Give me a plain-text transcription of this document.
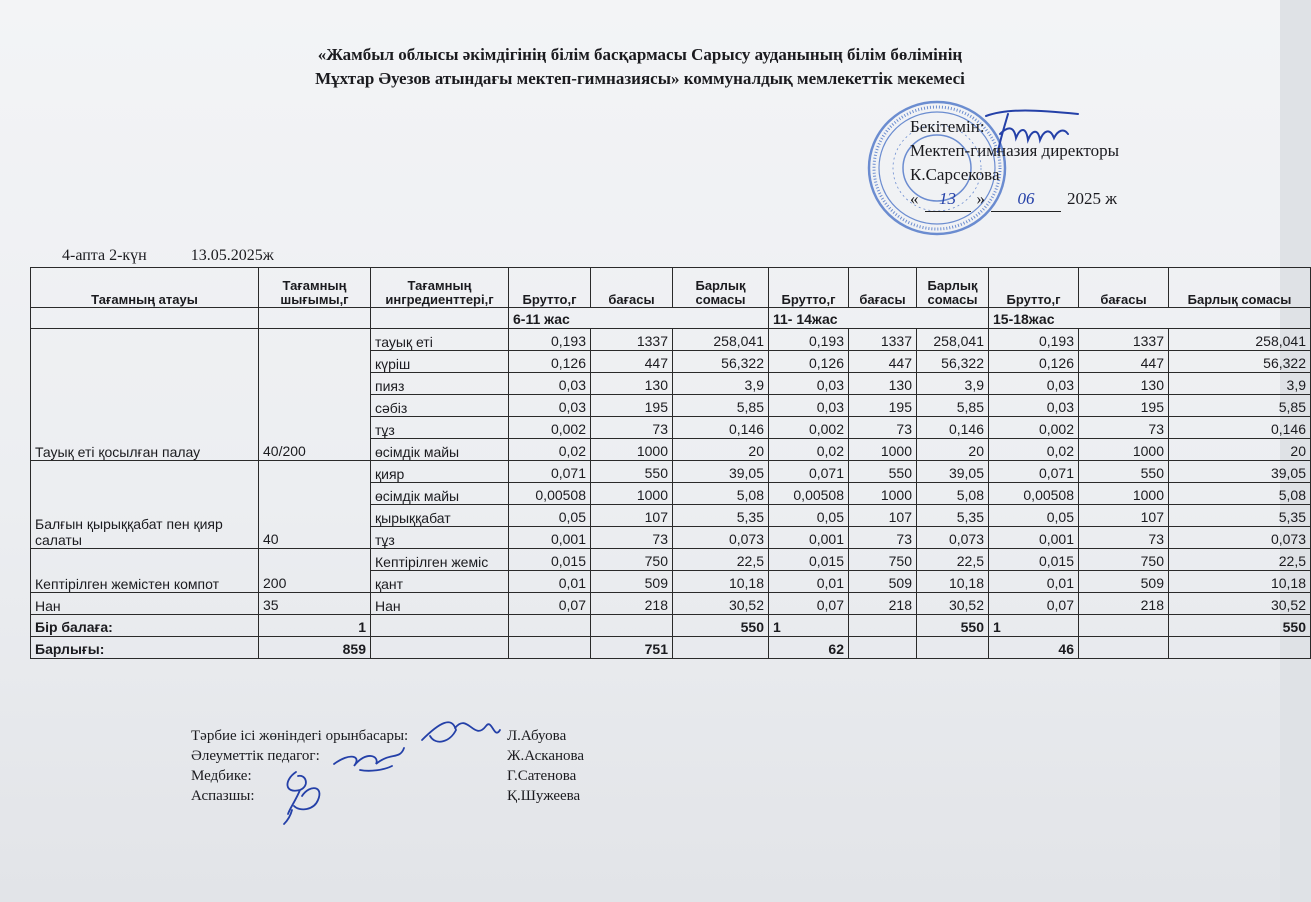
«Жамбыл облысы әкімдігінің білім басқармасы Сарысу ауданының білім бөлімінің
Мұхтар Әуезов атындағы мектеп-гимназиясы» коммуналдық мемлекеттік мекемесі
Бекітемін:
Мектеп-гимназия директоры
К.Сарсекова
«	13	»	06	2025 ж
4-апта 2-күн	13.05.2025ж
Тағамның атауы	Тағамның шығымы,г	Тағамның ингредиенттері,г	Брутто,г	бағасы	Барлық сомасы	Брутто,г	бағасы	Барлық сомасы	Брутто,г	бағасы	Барлық сомасы
			6-11 жас			11- 14жас			15-18жас		
Тауық еті қосылған палау	40/200	тауық еті	0,193	1337	258,041	0,193	1337	258,041	0,193	1337	258,041
		күріш	0,126	447	56,322	0,126	447	56,322	0,126	447	56,322
		пияз	0,03	130	3,9	0,03	130	3,9	0,03	130	3,9
		сәбіз	0,03	195	5,85	0,03	195	5,85	0,03	195	5,85
		тұз	0,002	73	0,146	0,002	73	0,146	0,002	73	0,146
		өсімдік майы	0,02	1000	20	0,02	1000	20	0,02	1000	20
Балғын қырыққабат пен қияр салаты	40	қияр	0,071	550	39,05	0,071	550	39,05	0,071	550	39,05
		өсімдік майы	0,00508	1000	5,08	0,00508	1000	5,08	0,00508	1000	5,08
		қырыққабат	0,05	107	5,35	0,05	107	5,35	0,05	107	5,35
		тұз	0,001	73	0,073	0,001	73	0,073	0,001	73	0,073
Кептірілген жемістен компот	200	Кептірілген жеміс	0,015	750	22,5	0,015	750	22,5	0,015	750	22,5
		қант	0,01	509	10,18	0,01	509	10,18	0,01	509	10,18
Нан	35	Нан	0,07	218	30,52	0,07	218	30,52	0,07	218	30,52
Бір балаға:	1				550	1		550	1		550
Барлығы:	859			751		62			46		
Тәрбие ісі жөніндегі орынбасары:	Л.Абуова
Әлеуметтік педагог:	Ж.Асканова
Медбике:	Г.Сатенова
Аспазшы:	Қ.Шужеева
